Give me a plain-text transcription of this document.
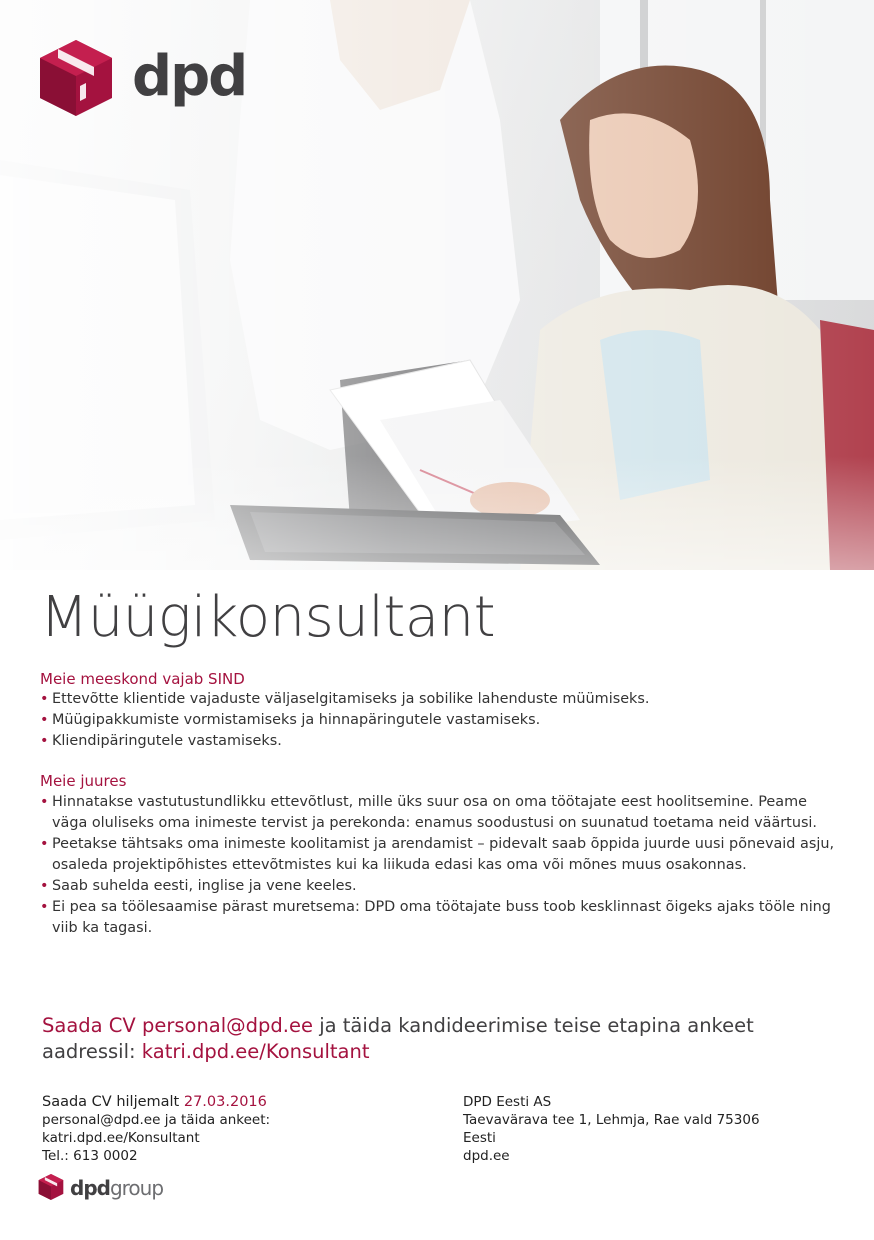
dpd
Müügikonsultant
Meie meeskond vajab SIND
• Ettevõtte klientide vajaduste väljaselgitamiseks ja sobilike lahenduste müümiseks.
• Müügipakkumiste vormistamiseks ja hinnapäringutele vastamiseks.
• Kliendipäringutele vastamiseks.
Meie juures
• Hinnatakse vastutustundlikku ettevõtlust, mille üks suur osa on oma töötajate eest hoolitsemine. Peame väga oluliseks oma inimeste tervist ja perekonda: enamus soodustusi on suunatud toetama neid väärtusi.
• Peetakse tähtsaks oma inimeste koolitamist ja arendamist – pidevalt saab õppida juurde uusi põnevaid asju, osaleda projektipõhistes ettevõtmistes kui ka liikuda edasi kas oma või mõnes muus osakonnas.
• Saab suhelda eesti, inglise ja vene keeles.
• Ei pea sa töölesaamise pärast muretsema: DPD oma töötajate buss toob kesklinnast õigeks ajaks tööle ning viib ka tagasi.
Saada CV personal@dpd.ee ja täida kandideerimise teise etapina ankeet aadressil: katri.dpd.ee/Konsultant
Saada CV hiljemalt 27.03.2016
personal@dpd.ee ja täida ankeet:
katri.dpd.ee/Konsultant
Tel.: 613 0002
DPD Eesti AS
Taevavärava tee 1, Lehmja, Rae vald 75306
Eesti
dpd.ee
dpdgroup
